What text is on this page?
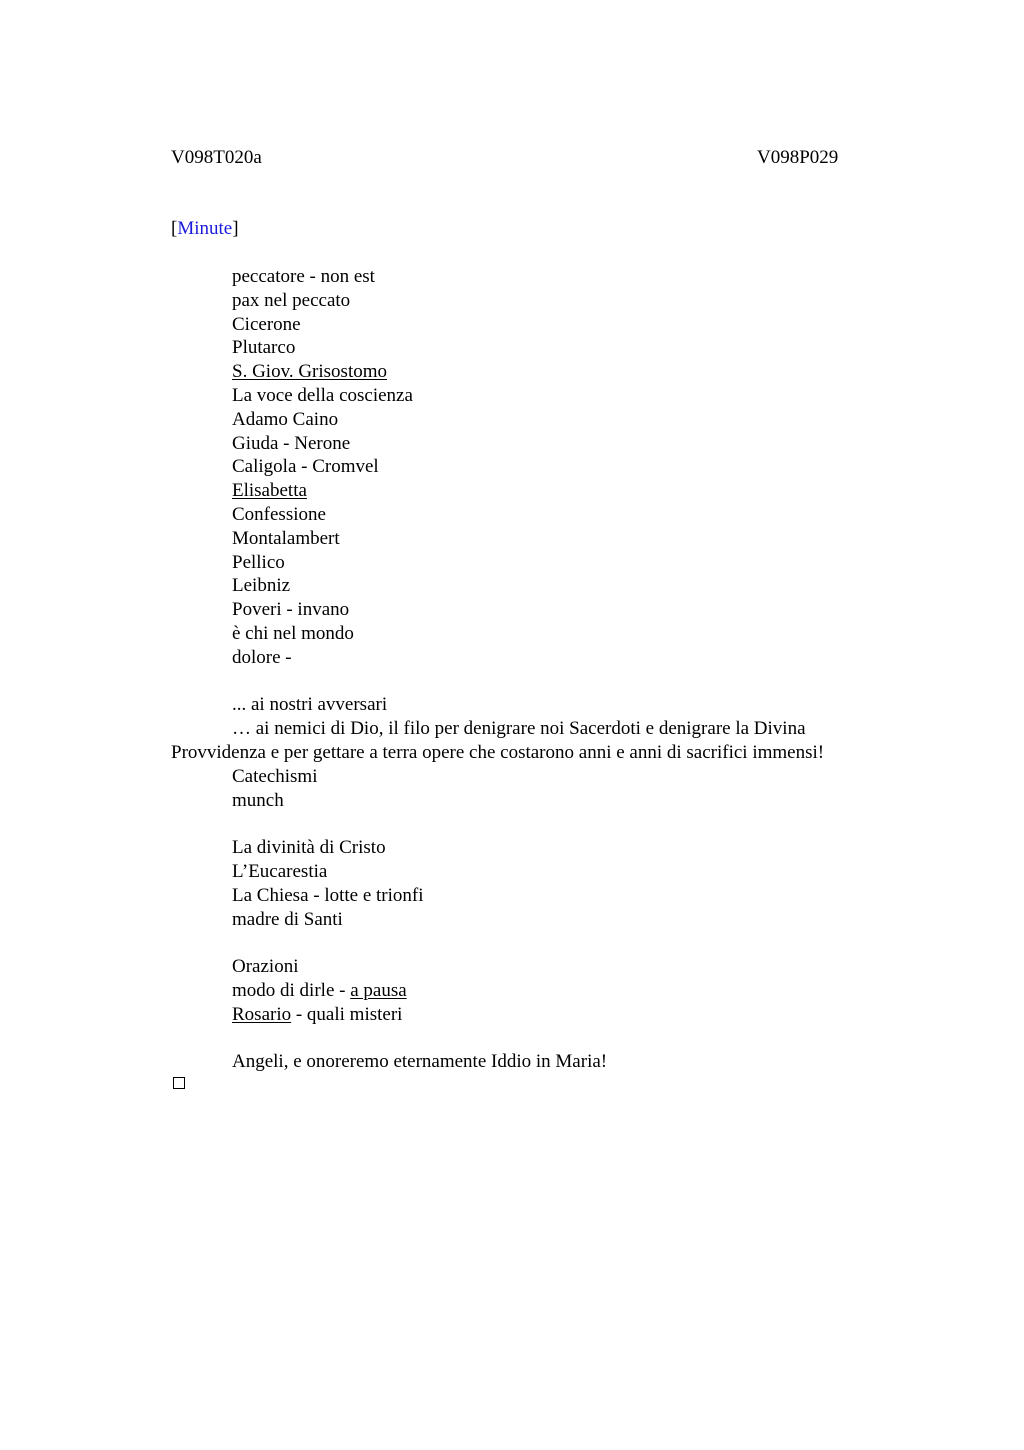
V098T020a	V098P029
[Minute]
peccatore - non est
pax nel peccato
Cicerone
Plutarco
S. Giov. Grisostomo
La voce della coscienza
Adamo Caino
Giuda - Nerone
Caligola - Cromvel
Elisabetta
Confessione
Montalambert
Pellico
Leibniz
Poveri - invano
è chi nel mondo
dolore -
... ai nostri avversari
… ai nemici di Dio, il filo per denigrare noi Sacerdoti e denigrare la Divina Provvidenza e per gettare a terra opere che costarono anni e anni di sacrifici immensi!
Catechismi
munch
La divinità di Cristo
L’Eucarestia
La Chiesa - lotte e trionfi
madre di Santi
Orazioni
modo di dirle - a pausa
Rosario - quali misteri
Angeli, e onoreremo eternamente Iddio in Maria!
